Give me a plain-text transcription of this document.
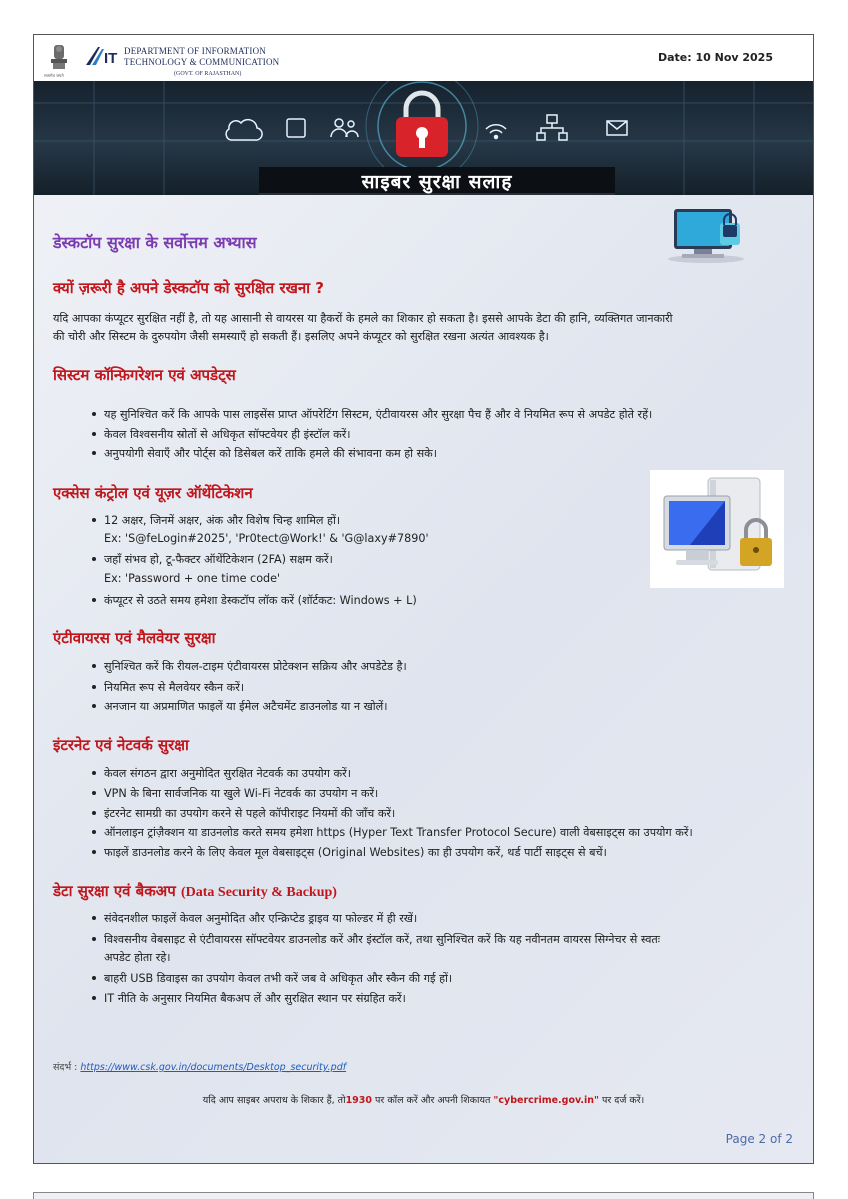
सत्यमेव जयते
IT DEPARTMENT OF INFORMATION
TECHNOLOGY & COMMUNICATION
(GOVT. OF RAJASTHAN)
Date: 10 Nov 2025
साइबर सुरक्षा सलाह
डेस्कटॉप सुरक्षा के सर्वोत्तम अभ्यास
क्यों ज़रूरी है अपने डेस्कटॉप को सुरक्षित रखना ?
यदि आपका कंप्यूटर सुरक्षित नहीं है, तो यह आसानी से वायरस या हैकरों के हमले का शिकार हो सकता है। इससे आपके डेटा की हानि, व्यक्तिगत जानकारी
की चोरी और सिस्टम के दुरुपयोग जैसी समस्याएँ हो सकती हैं। इसलिए अपने कंप्यूटर को सुरक्षित रखना अत्यंत आवश्यक है।
सिस्टम कॉन्फ़िगरेशन एवं अपडेट्स
यह सुनिश्चित करें कि आपके पास लाइसेंस प्राप्त ऑपरेटिंग सिस्टम, एंटीवायरस और सुरक्षा पैच हैं और वे नियमित रूप से अपडेट होते रहें।
केवल विश्वसनीय स्रोतों से अधिकृत सॉफ्टवेयर ही इंस्टॉल करें।
अनुपयोगी सेवाएँ और पोर्ट्स को डिसेबल करें ताकि हमले की संभावना कम हो सके।
एक्सेस कंट्रोल एवं यूज़र ऑथेंटिकेशन
12 अक्षर, जिनमें अक्षर, अंक और विशेष चिन्ह शामिल हों।
Ex: 'S@feLogin#2025', 'Pr0tect@Work!' & 'G@laxy#7890'
जहाँ संभव हो, टू-फैक्टर ऑथेंटिकेशन (2FA) सक्षम करें।
Ex: 'Password + one time code'
कंप्यूटर से उठते समय हमेशा डेस्कटॉप लॉक करें (शॉर्टकट: Windows + L)
एंटीवायरस एवं मैलवेयर सुरक्षा
सुनिश्चित करें कि रीयल-टाइम एंटीवायरस प्रोटेक्शन सक्रिय और अपडेटेड है।
नियमित रूप से मैलवेयर स्कैन करें।
अनजान या अप्रमाणित फाइलें या ईमेल अटैचमेंट डाउनलोड या न खोलें।
इंटरनेट एवं नेटवर्क सुरक्षा
केवल संगठन द्वारा अनुमोदित सुरक्षित नेटवर्क का उपयोग करें।
VPN के बिना सार्वजनिक या खुले Wi-Fi नेटवर्क का उपयोग न करें।
इंटरनेट सामग्री का उपयोग करने से पहले कॉपीराइट नियमों की जाँच करें।
ऑनलाइन ट्रांज़ैक्शन या डाउनलोड करते समय हमेशा https (Hyper Text Transfer Protocol Secure) वाली वेबसाइट्स का उपयोग करें।
फाइलें डाउनलोड करने के लिए केवल मूल वेबसाइट्स (Original Websites) का ही उपयोग करें, थर्ड पार्टी साइट्स से बचें।
डेटा सुरक्षा एवं बैकअप (Data Security & Backup)
संवेदनशील फाइलें केवल अनुमोदित और एन्क्रिप्टेड ड्राइव या फोल्डर में ही रखें।
विश्वसनीय वेबसाइट से एंटीवायरस सॉफ्टवेयर डाउनलोड करें और इंस्टॉल करें, तथा सुनिश्चित करें कि यह नवीनतम वायरस सिग्नेचर से स्वतः
अपडेट होता रहे।
बाहरी USB डिवाइस का उपयोग केवल तभी करें जब वे अधिकृत और स्कैन की गई हों।
IT नीति के अनुसार नियमित बैकअप लें और सुरक्षित स्थान पर संग्रहित करें।
संदर्भ : https://www.csk.gov.in/documents/Desktop_security.pdf
यदि आप साइबर अपराध के शिकार हैं, तो1930 पर कॉल करें और अपनी शिकायत "cybercrime.gov.in" पर दर्ज करें।
Page 2 of 2
